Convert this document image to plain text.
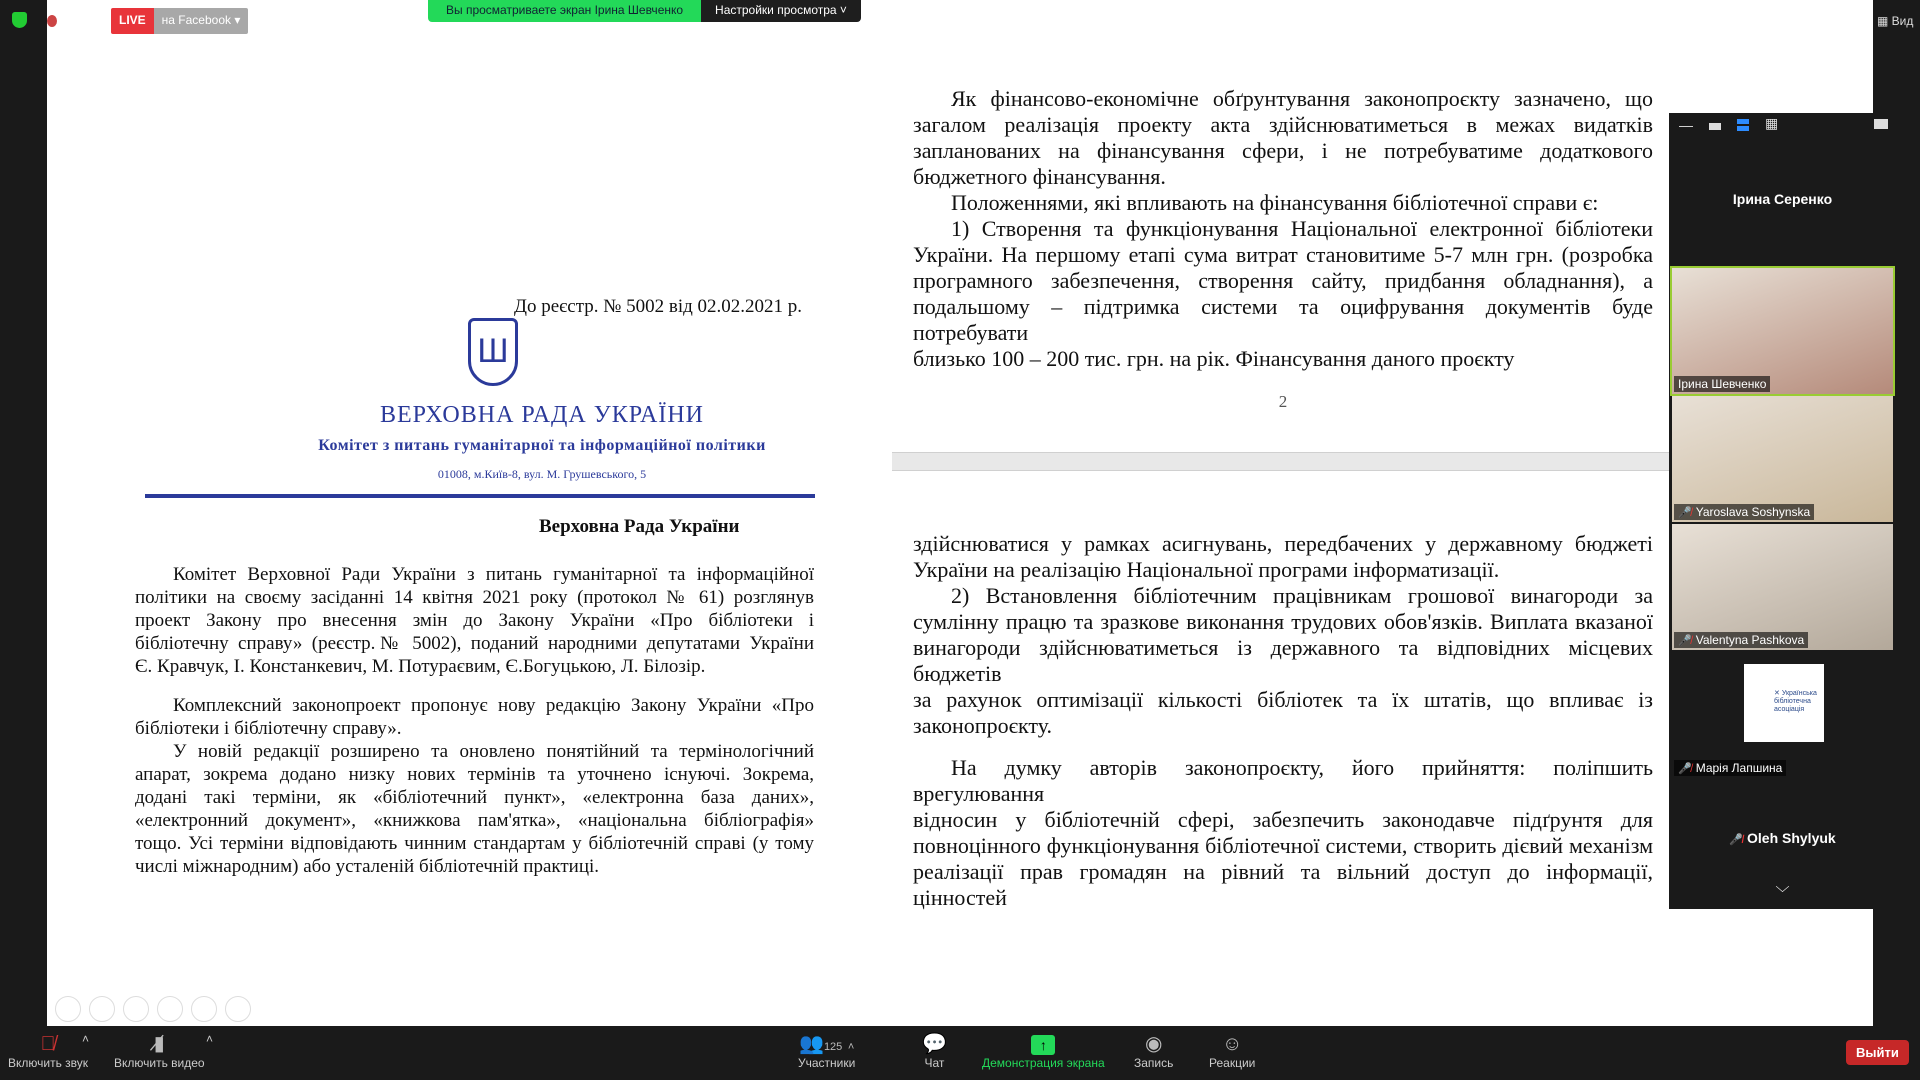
▦ Вид
До реєстр. № 5002 від 02.02.2021 р.
Ш
ВЕРХОВНА РАДА УКРАЇНИ
Комітет з питань гуманітарної та інформаційної політики
01008, м.Київ-8, вул. М. Грушевського, 5
Верховна Рада України
Комітет Верховної Ради України з питань гуманітарної та інформаційної
політики на своєму засіданні 14 квітня 2021 року (протокол № 61) розглянув
проект Закону про внесення змін до Закону України «Про бібліотеки і
бібліотечну справу» (реєстр.№ 5002), поданий народними депутатами України
Є. Кравчук, І. Констанкевич, М. Потураєвим, Є.Богуцькою, Л. Білозір.
Комплексний законопроект пропонує нову редакцію Закону України «Про
бібліотеки і бібліотечну справу».
У новій редакції розширено та оновлено понятійний та термінологічний
апарат, зокрема додано низку нових термінів та уточнено існуючі. Зокрема,
додані такі терміни, як «бібліотечний пункт», «електронна база даних»,
«електронний документ», «книжкова пам'ятка», «національна бібліографія»
тощо. Усі терміни відповідають чинним стандартам у бібліотечній справі (у тому
числі міжнародним) або усталеній бібліотечній практиці.
Як фінансово-економічне обґрунтування законопроєкту зазначено, що
загалом реалізація проекту акта здійснюватиметься в межах видатків
запланованих на фінансування сфери, і не потребуватиме додаткового
бюджетного фінансування.
Положеннями, які впливають на фінансування бібліотечної справи є:
1) Створення та функціонування Національної електронної бібліотеки
України. На першому етапі сума витрат становитиме 5-7 млн грн. (розробка
програмного забезпечення, створення сайту, придбання обладнання), а
подальшому – підтримка системи та оцифрування документів буде потребувати
близько 100 – 200 тис. грн. на рік. Фінансування даного проєкту
2
здійснюватися у рамках асигнувань, передбачених у державному бюджеті
України на реалізацію Національної програми інформатизації.
2) Встановлення бібліотечним працівникам грошової винагороди за
сумлінну працю та зразкове виконання трудових обов'язків. Виплата вказаної
винагороди здійснюватиметься із державного та відповідних місцевих бюджетів
за рахунок оптимізації кількості бібліотек та їх штатів, що впливає із
законопроєкту.
На думку авторів законопроєкту, його прийняття: поліпшить врегулювання
відносин у бібліотечній сфері, забезпечить законодавче підґрунтя для
повноцінного функціонування бібліотечної системи, створить дієвий механізм
реалізації прав громадян на рівний та вільний доступ до інформації, цінностей
LIVE	на Facebook ▾
Вы просматриваете экран Ірина Шевченко	Настройки просмотра ˅
—	▦
Ірина Серенко
Ірина Шевченко
🎤̸ Yaroslava Soshynska
🎤̸ Valentyna Pashkova
✕ Українська бібліотечна асоціація
🎤̸ Марія Лапшина
🎤̸ Oleh Shylyuk
﹀
🎙̸
Включить звук
˄	▮̸
Включить видео
˄	👥125 ˄
Участники
💬
Чат
↑
Демонстрация экрана
◉
Запись
☺
Реакции
Выйти
